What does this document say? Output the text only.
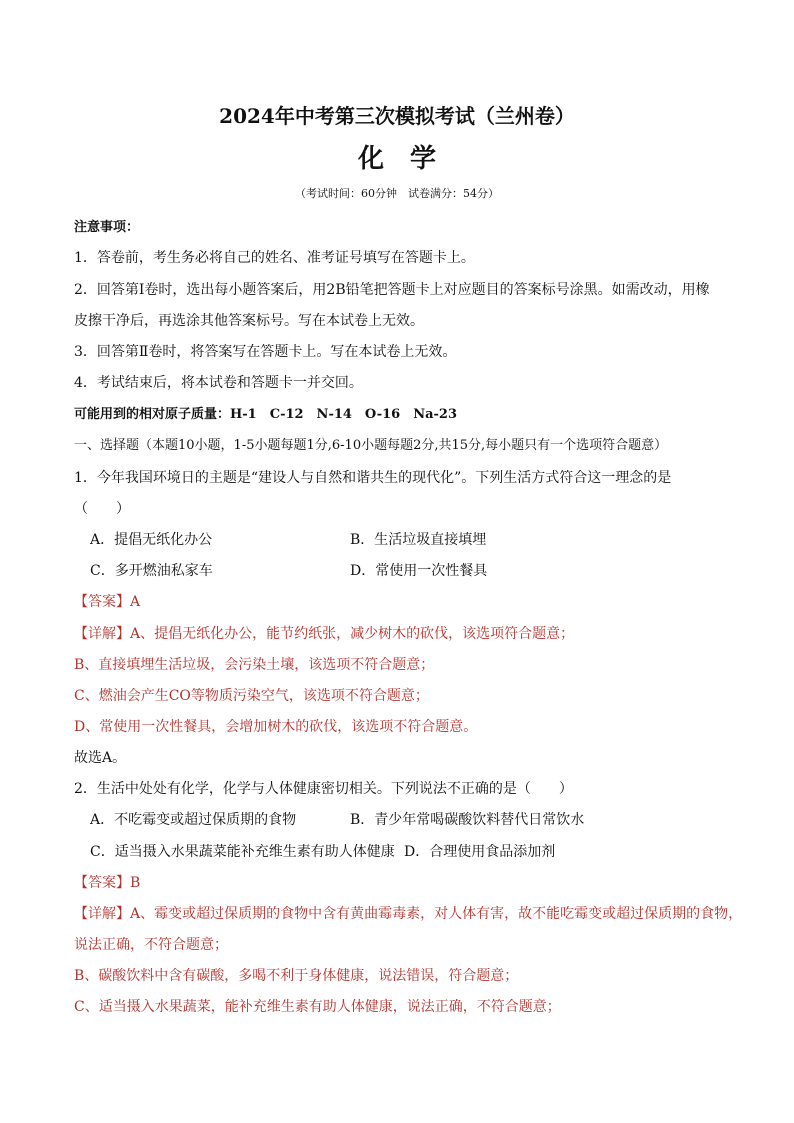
2024年中考第三次模拟考试（兰州卷）
化　学
（考试时间：60分钟　试卷满分：54分）
注意事项：
1．答卷前，考生务必将自己的姓名、准考证号填写在答题卡上。
2．回答第Ⅰ卷时，选出每小题答案后，用2B铅笔把答题卡上对应题目的答案标号涂黑。如需改动，用橡
皮擦干净后，再选涂其他答案标号。写在本试卷上无效。
3．回答第Ⅱ卷时，将答案写在答题卡上。写在本试卷上无效。
4．考试结束后，将本试卷和答题卡一并交回。
可能用到的相对原子质量：H-1　C-12　N-14　O-16　Na-23
一、选择题（本题10小题，1-5小题每题1分,6-10小题每题2分,共15分,每小题只有一个选项符合题意）
1．今年我国环境日的主题是“建设人与自然和谐共生的现代化”。下列生活方式符合这一理念的是
（　　）
A．提倡无纸化办公	B．生活垃圾直接填埋
C．多开燃油私家车	D．常使用一次性餐具
【答案】A
【详解】A、提倡无纸化办公，能节约纸张，减少树木的砍伐，该选项符合题意；
B、直接填埋生活垃圾，会污染土壤，该选项不符合题意；
C、燃油会产生CO等物质污染空气，该选项不符合题意；
D、常使用一次性餐具，会增加树木的砍伐，该选项不符合题意。
故选A。
2．生活中处处有化学，化学与人体健康密切相关。下列说法不正确的是（　　）
A．不吃霉变或超过保质期的食物	B．青少年常喝碳酸饮料替代日常饮水
C．适当摄入水果蔬菜能补充维生素有助人体健康 D．合理使用食品添加剂
【答案】B
【详解】A、霉变或超过保质期的食物中含有黄曲霉毒素，对人体有害，故不能吃霉变或超过保质期的食物，
说法正确，不符合题意；
B、碳酸饮料中含有碳酸，多喝不利于身体健康，说法错误，符合题意；
C、适当摄入水果蔬菜，能补充维生素有助人体健康，说法正确，不符合题意；
